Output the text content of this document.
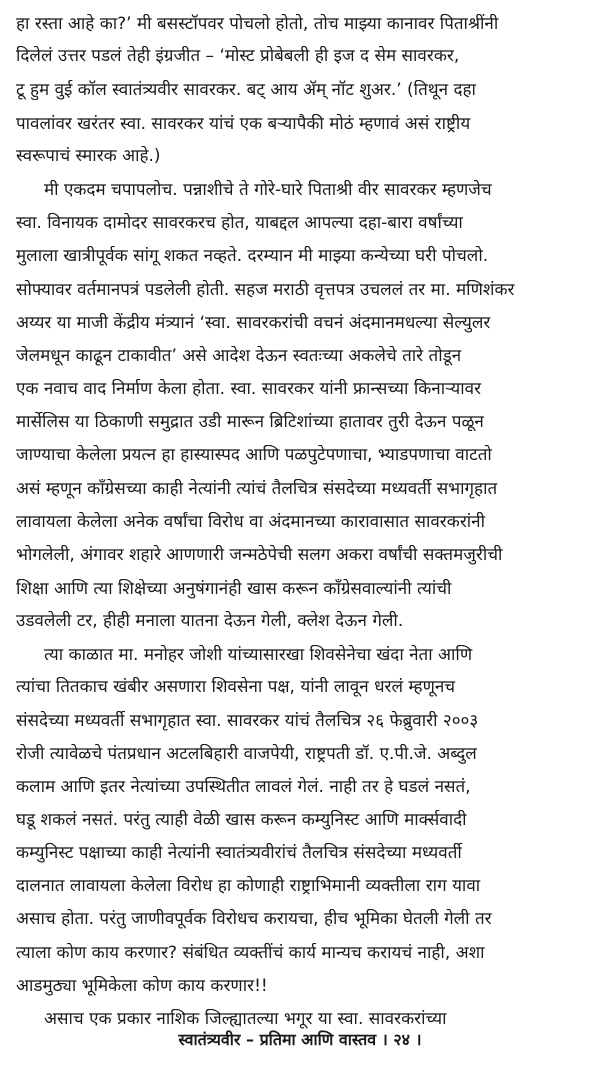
हा रस्ता आहे का?’ मी बसस्टॉपवर पोचलो होतो, तोच माझ्या कानावर पिताश्रींनी
दिलेलं उत्तर पडलं तेही इंग्रजीत – ‘मोस्ट प्रोबेबली ही इज द सेम सावरकर,
टू हुम वुई कॉल स्वातंत्र्यवीर सावरकर. बट् आय ॲम् नॉट शुअर.’ (तिथून दहा
पावलांवर खरंतर स्वा. सावरकर यांचं एक बऱ्यापैकी मोठं म्हणावं असं राष्ट्रीय
स्वरूपाचं स्मारक आहे.)
मी एकदम चपापलोच. पन्नाशीचे ते गोरे-घारे पिताश्री वीर सावरकर म्हणजेच
स्वा. विनायक दामोदर सावरकरच होत, याबद्दल आपल्या दहा-बारा वर्षांच्या
मुलाला खात्रीपूर्वक सांगू शकत नव्हते. दरम्यान मी माझ्या कन्येच्या घरी पोचलो.
सोफ्यावर वर्तमानपत्रं पडलेली होती. सहज मराठी वृत्तपत्र उचललं तर मा. मणिशंकर
अय्यर या माजी केंद्रीय मंत्र्यानं ‘स्वा. सावरकरांची वचनं अंदमानमधल्या सेल्युलर
जेलमधून काढून टाकावीत’ असे आदेश देऊन स्वतःच्या अकलेचे तारे तोडून
एक नवाच वाद निर्माण केला होता. स्वा. सावरकर यांनी फ्रान्सच्या किनाऱ्यावर
मार्सेलिस या ठिकाणी समुद्रात उडी मारून ब्रिटिशांच्या हातावर तुरी देऊन पळून
जाण्याचा केलेला प्रयत्न हा हास्यास्पद आणि पळपुटेपणाचा, भ्याडपणाचा वाटतो
असं म्हणून काँग्रेसच्या काही नेत्यांनी त्यांचं तैलचित्र संसदेच्या मध्यवर्ती सभागृहात
लावायला केलेला अनेक वर्षांचा विरोध वा अंदमानच्या कारावासात सावरकरांनी
भोगलेली, अंगावर शहारे आणणारी जन्मठेपेची सलग अकरा वर्षांची सक्तमजुरीची
शिक्षा आणि त्या शिक्षेच्या अनुषंगानंही खास करून काँग्रेसवाल्यांनी त्यांची
उडवलेली टर, हीही मनाला यातना देऊन गेली, क्लेश देऊन गेली.
त्या काळात मा. मनोहर जोशी यांच्यासारखा शिवसेनेचा खंदा नेता आणि
त्यांचा तितकाच खंबीर असणारा शिवसेना पक्ष, यांनी लावून धरलं म्हणूनच
संसदेच्या मध्यवर्ती सभागृहात स्वा. सावरकर यांचं तैलचित्र २६ फेब्रुवारी २००३
रोजी त्यावेळचे पंतप्रधान अटलबिहारी वाजपेयी, राष्ट्रपती डॉ. ए.पी.जे. अब्दुल
कलाम आणि इतर नेत्यांच्या उपस्थितीत लावलं गेलं. नाही तर हे घडलं नसतं,
घडू शकलं नसतं. परंतु त्याही वेळी खास करून कम्युनिस्ट आणि मार्क्सवादी
कम्युनिस्ट पक्षाच्या काही नेत्यांनी स्वातंत्र्यवीरांचं तैलचित्र संसदेच्या मध्यवर्ती
दालनात लावायला केलेला विरोध हा कोणाही राष्ट्राभिमानी व्यक्तीला राग यावा
असाच होता. परंतु जाणीवपूर्वक विरोधच करायचा, हीच भूमिका घेतली गेली तर
त्याला कोण काय करणार? संबंधित व्यक्तींचं कार्य मान्यच करायचं नाही, अशा
आडमुठ्या भूमिकेला कोण काय करणार!!
असाच एक प्रकार नाशिक जिल्ह्यातल्या भगूर या स्वा. सावरकरांच्या
स्वातंत्र्यवीर – प्रतिमा आणि वास्तव । २४ ।
